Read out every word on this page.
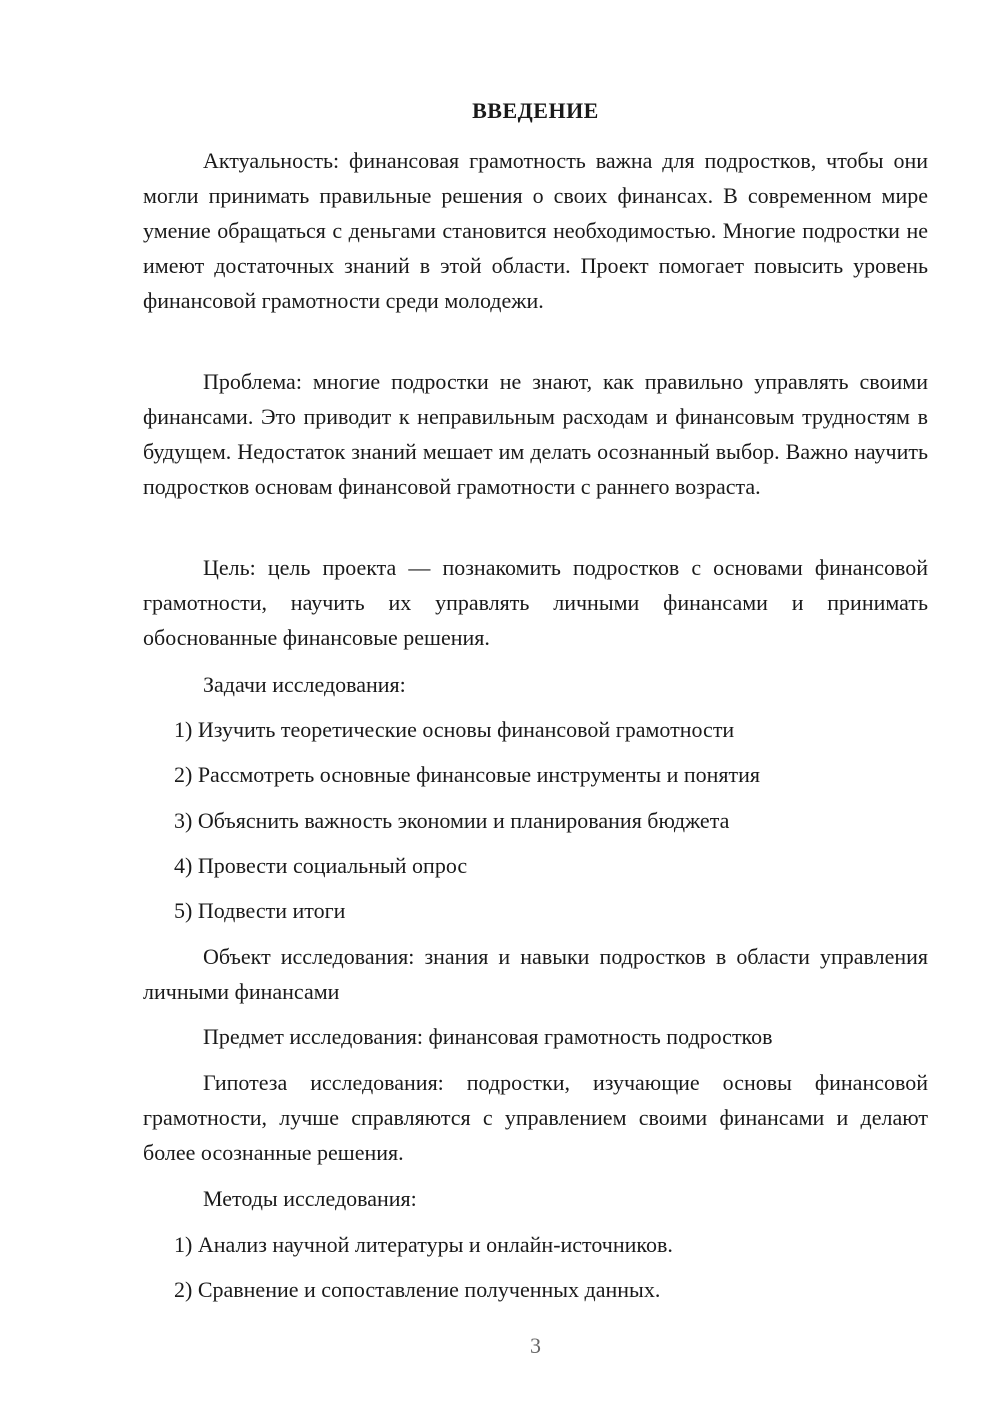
ВВЕДЕНИЕ

Актуальность: финансовая грамотность важна для подростков, чтобы они могли принимать правильные решения о своих финансах. В современном мире умение обращаться с деньгами становится необходимостью. Многие подростки не имеют достаточных знаний в этой области. Проект помогает повысить уровень финансовой грамотности среди молодежи.

Проблема: многие подростки не знают, как правильно управлять своими финансами. Это приводит к неправильным расходам и финансовым трудностям в будущем. Недостаток знаний мешает им делать осознанный выбор. Важно научить подростков основам финансовой грамотности с раннего возраста.

Цель: цель проекта — познакомить подростков с основами финансовой грамотности, научить их управлять личными финансами и принимать обоснованные финансовые решения.

Задачи исследования:
1) Изучить теоретические основы финансовой грамотности
2) Рассмотреть основные финансовые инструменты и понятия
3) Объяснить важность экономии и планирования бюджета
4) Провести социальный опрос
5) Подвести итоги

Объект исследования: знания и навыки подростков в области управления личными финансами

Предмет исследования: финансовая грамотность подростков

Гипотеза исследования: подростки, изучающие основы финансовой грамотности, лучше справляются с управлением своими финансами и делают более осознанные решения.

Методы исследования:
1) Анализ научной литературы и онлайн-источников.
2) Сравнение и сопоставление полученных данных.
3
